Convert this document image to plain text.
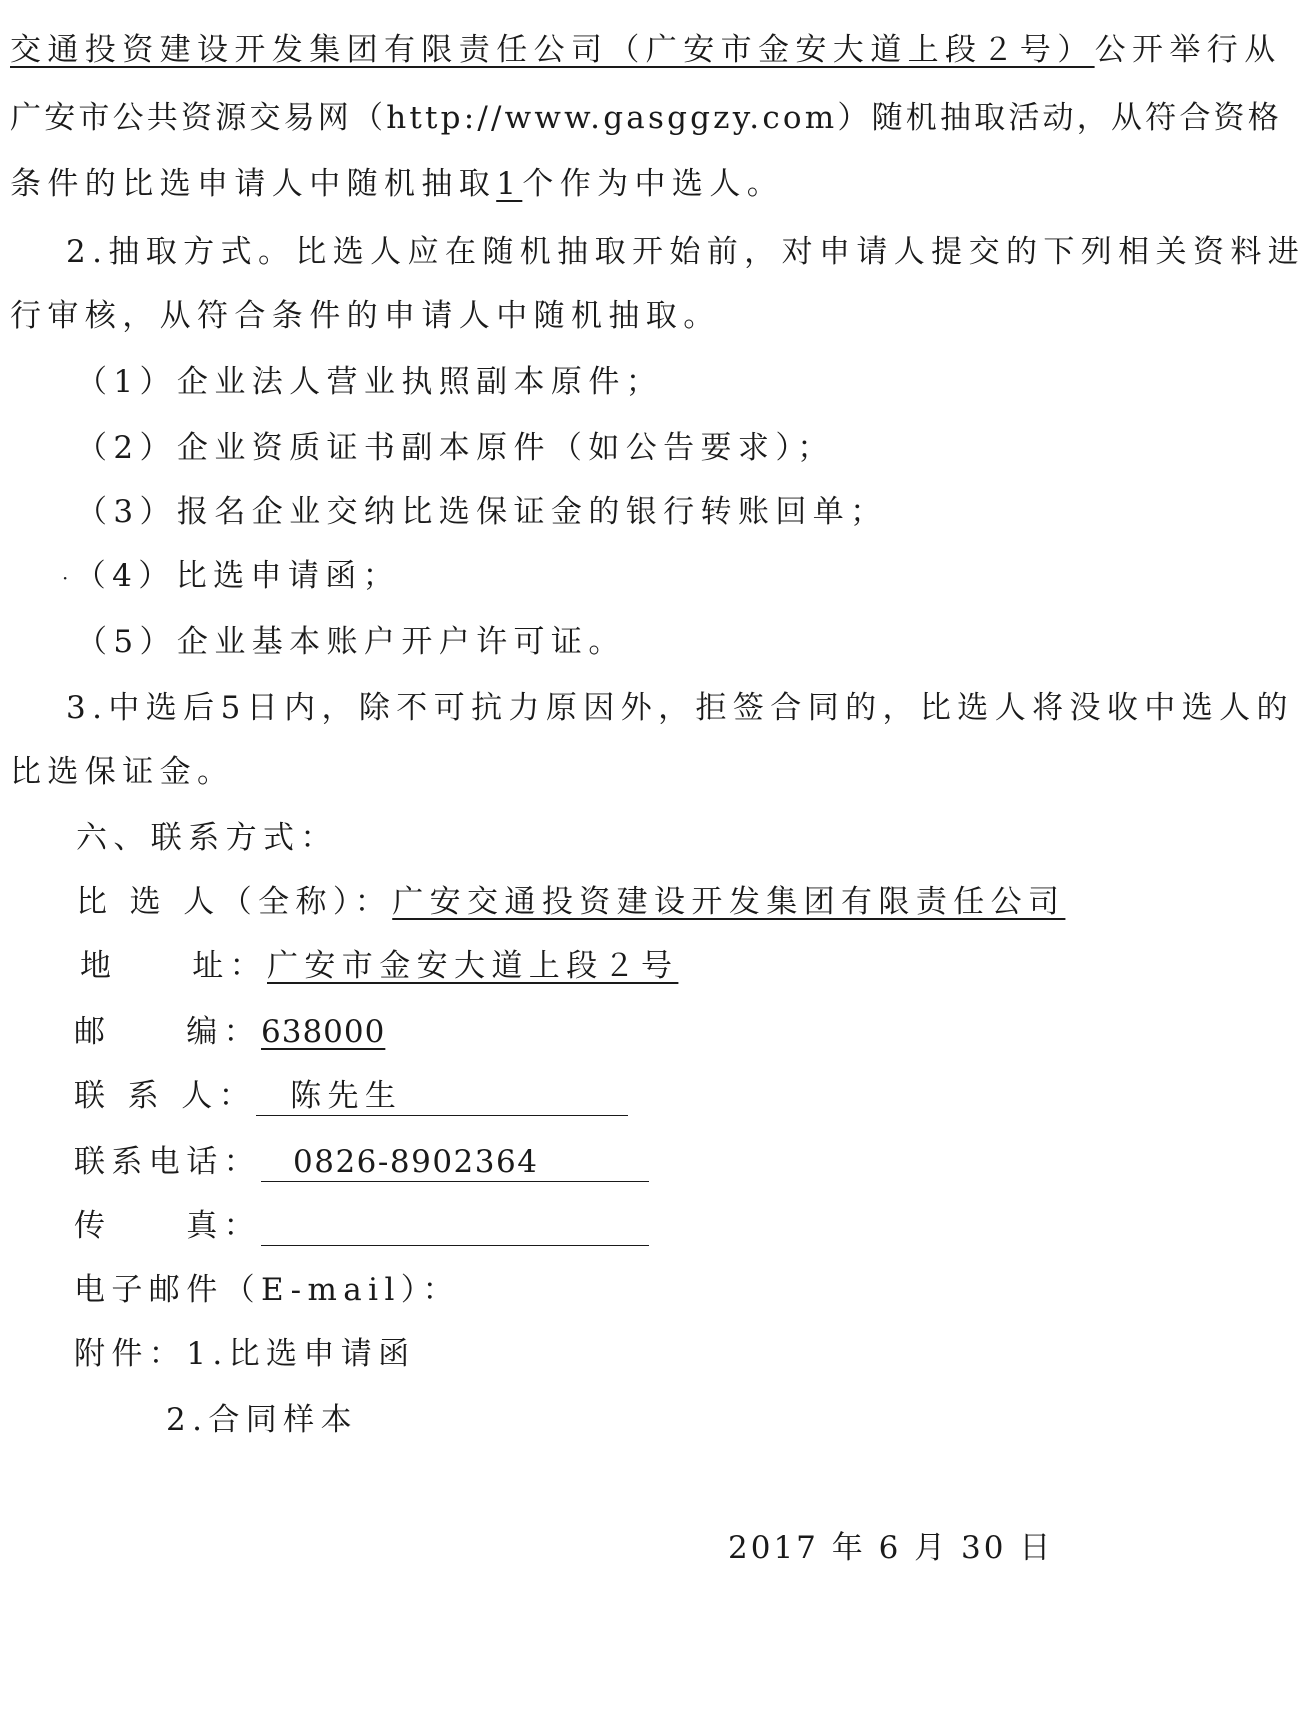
交通投资建设开发集团有限责任公司（广安市金安大道上段２号）公开举行从
广安市公共资源交易网（http://www.gasggzy.com）随机抽取活动，从符合资格
条件的比选申请人中随机抽取1个作为中选人。
2.抽取方式。比选人应在随机抽取开始前，对申请人提交的下列相关资料进
行审核，从符合条件的申请人中随机抽取。
（1）企业法人营业执照副本原件；
（2）企业资质证书副本原件（如公告要求）；
（3）报名企业交纳比选保证金的银行转账回单；
·（4）比选申请函；
（5）企业基本账户开户许可证。
3.中选后5日内，除不可抗力原因外，拒签合同的，比选人将没收中选人的
比选保证金。
六、联系方式：
比 选 人（全称）：广安交通投资建设开发集团有限责任公司
地　　址：广安市金安大道上段２号
邮　　编：638000
联 系 人： 陈先生
联系电话： 0826-8902364
传　　真：
电子邮件（E-mail）：
附件：1.比选申请函
2.合同样本
2017 年 6 月 30 日
